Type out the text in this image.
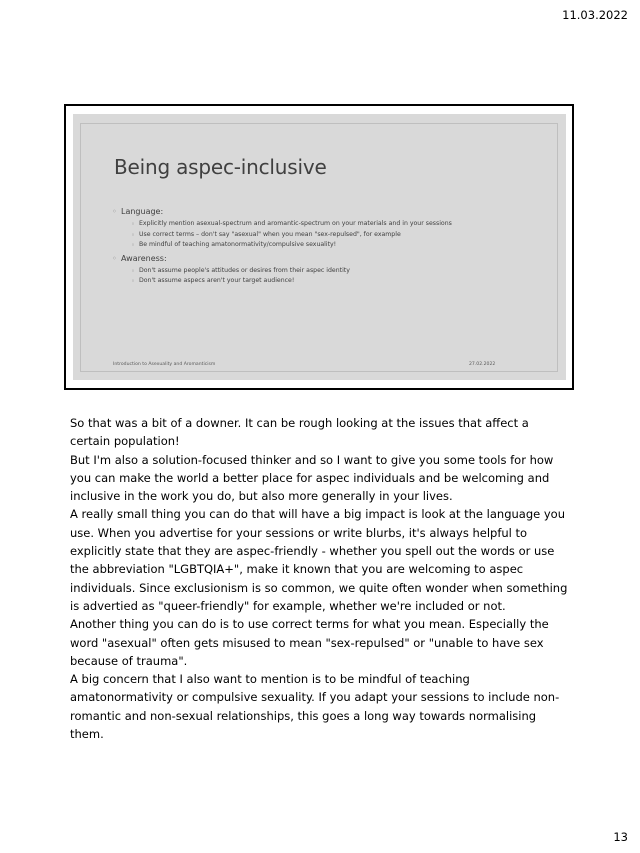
11.03.2022
Being aspec-inclusive
◦ Language:
◦ Explicitly mention asexual-spectrum and aromantic-spectrum on your materials and in your sessions
◦ Use correct terms – don't say "asexual" when you mean "sex-repulsed", for example
◦ Be mindful of teaching amatonormativity/compulsive sexuality!
◦ Awareness:
◦ Don't assume people's attitudes or desires from their aspec identity
◦ Don't assume aspecs aren't your target audience!
Introduction to Asexuality and Aromanticism	27.02.2022

So that was a bit of a downer. It can be rough looking at the issues that affect a certain population!

But I'm also a solution-focused thinker and so I want to give you some tools for how you can make the world a better place for aspec individuals and be welcoming and inclusive in the work you do, but also more generally in your lives.

A really small thing you can do that will have a big impact is look at the language you use. When you advertise for your sessions or write blurbs, it's always helpful to explicitly state that they are aspec-friendly - whether you spell out the words or use the abbreviation "LGBTQIA+", make it known that you are welcoming to aspec individuals. Since exclusionism is so common, we quite often wonder when something is advertied as "queer-friendly" for example, whether we're included or not.

Another thing you can do is to use correct terms for what you mean. Especially the word "asexual" often gets misused to mean "sex-repulsed" or "unable to have sex because of trauma".

A big concern that I also want to mention is to be mindful of teaching amatonormativity or compulsive sexuality. If you adapt your sessions to include non-romantic and non-sexual relationships, this goes a long way towards normalising them.

13
